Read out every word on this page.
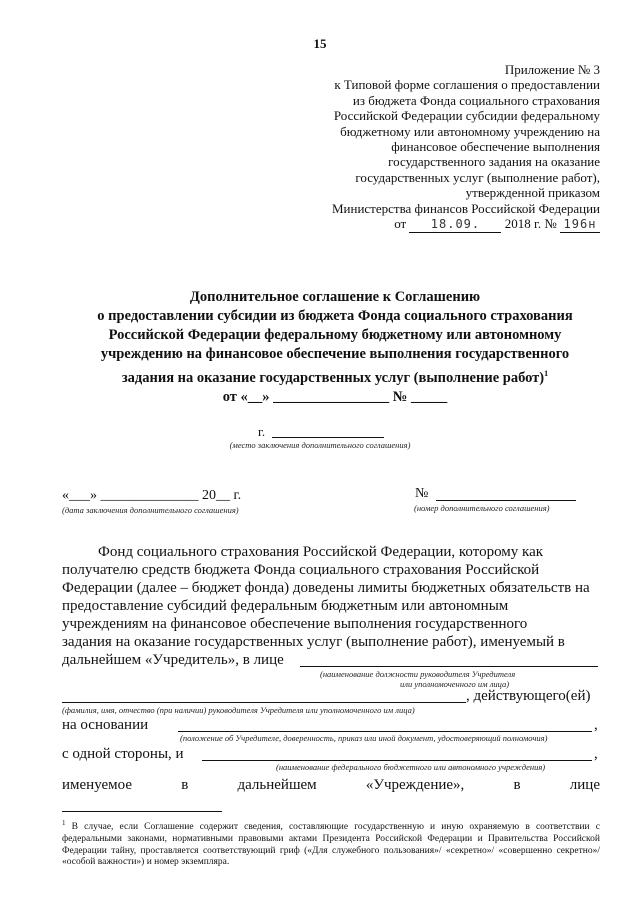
15
Приложение № 3
к Типовой форме соглашения о предоставлении
из бюджета Фонда социального страхования
Российской Федерации субсидии федеральному
бюджетному или автономному учреждению на
финансовое обеспечение выполнения
государственного задания на оказание
государственных услуг (выполнение работ),
утвержденной приказом
Министерства финансов Российской Федерации
от 18.09. 2018 г. № 196н
Дополнительное соглашение к Соглашению
о предоставлении субсидии из бюджета Фонда социального страхования
Российской Федерации федеральному бюджетному или автономному
учреждению на финансовое обеспечение выполнения государственного
задания на оказание государственных услуг (выполнение работ)$^1$
от «__» ________________ № _____
г.
(место заключения дополнительного соглашения)
«___» ______________ 20__ г.
(дата заключения дополнительного соглашения)
№
(номер дополнительного соглашения)
Фонд социального страхования Российской Федерации, которому как
получателю средств бюджета Фонда социального страхования Российской
Федерации (далее – бюджет фонда) доведены лимиты бюджетных обязательств на
предоставление субсидий федеральным бюджетным или автономным
учреждениям на финансовое обеспечение выполнения государственного
задания на оказание государственных услуг (выполнение работ), именуемый в
дальнейшем «Учредитель», в лице
(наименование должности руководителя Учредителя
или уполномоченного им лица)
, действующего(ей)
(фамилия, имя, отчество (при наличии) руководителя Учредителя или уполномоченного им лица)
на основании	,
(положение об Учредителе, доверенность, приказ или иной документ, удостоверяющий полномочия)
с одной стороны, и	,
(наименование федерального бюджетного или автономного учреждения)
именуемое в дальнейшем «Учреждение», в лице
$^1$ В случае, если Соглашение содержит сведения, составляющие государственную и иную охраняемую в соответствии с федеральными законами, нормативными правовыми актами Президента Российской Федерации и Правительства Российской Федерации тайну, проставляется соответствующий гриф («Для служебного пользования»/ «секретно»/ «совершенно секретно»/ «особой важности») и номер экземпляра.
